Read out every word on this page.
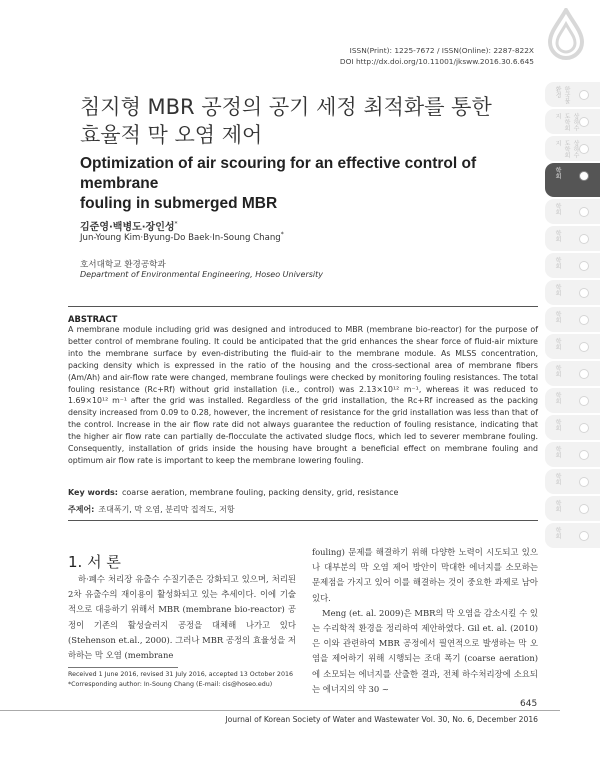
ISSN(Print): 1225-7672 / ISSN(Online): 2287-822X
DOI http://dx.doi.org/10.11001/jksww.2016.30.6.645
한국물환경
상하수도학회지
상하수도학회지
학회
학회
학회
학회
학회
학회
학회
학회
학회
학회
학회
학회
학회
학회
침지형 MBR 공정의 공기 세정 최적화를 통한
효율적 막 오염 제어
Optimization of air scouring for an effective control of membrane
fouling in submerged MBR
김준영·백병도·장인성*
Jun-Young Kim·Byung-Do Baek·In-Soung Chang*
호서대학교 환경공학과
Department of Environmental Engineering, Hoseo University
ABSTRACT

A membrane module including grid was designed and introduced to MBR (membrane bio-reactor) for the purpose of better control of membrane fouling. It could be anticipated that the grid enhances the shear force of fluid-air mixture into the membrane surface by even-distributing the fluid-air to the membrane module. As MLSS concentration, packing density which is expressed in the ratio of the housing and the cross-sectional area of membrane fibers (Am/Ah) and air-flow rate were changed, membrane foulings were checked by monitoring fouling resistances. The total fouling resistance (Rc+Rf) without grid installation (i.e., control) was 2.13×10¹² m⁻¹, whereas it was reduced to 1.69×10¹² m⁻¹ after the grid was installed. Regardless of the grid installation, the Rc+Rf increased as the packing density increased from 0.09 to 0.28, however, the increment of resistance for the grid installation was less than that of the control. Increase in the air flow rate did not always guarantee the reduction of fouling resistance, indicating that the higher air flow rate can partially de-flocculate the activated sludge flocs, which led to severer membrane fouling. Consequently, installation of grids inside the housing have brought a beneficial effect on membrane fouling and optimum air flow rate is important to keep the membrane lowering fouling.

Key words: coarse aeration, membrane fouling, packing density, grid, resistance
주제어: 조대폭기, 막 오염, 분리막 집적도, 저항
1. 서 론

하·폐수 처리장 유출수 수질기준은 강화되고 있으며, 처리된 2차 유출수의 재이용이 활성화되고 있는 추세이다. 이에 기술적으로 대응하기 위해서 MBR (membrane bio-reactor) 공정이 기존의 활성슬러지 공정을 대체해 나가고 있다 (Stehenson et.al., 2000). 그러나 MBR 공정의 효율성을 저하하는 막 오염 (membrane

fouling) 문제를 해결하기 위해 다양한 노력이 시도되고 있으나 대부분의 막 오염 제어 방안이 막대한 에너지를 소모하는 문제점을 가지고 있어 이를 해결하는 것이 중요한 과제로 남아있다.
Meng (et. al. 2009)은 MBR의 막 오염을 감소시킬 수 있는 수리학적 환경을 정리하여 제안하였다. Gil et. al. (2010)은 이와 관련하여 MBR 공정에서 필연적으로 발생하는 막 오염을 제어하기 위해 시행되는 조대 폭기 (coarse aeration)에 소모되는 에너지를 산출한 결과, 전체 하수처리장에 소요되는 에너지의 약 30 ~
Received 1 June 2016, revised 31 July 2016, accepted 13 October 2016
*Corresponding author: In-Soung Chang (E-mail: cis@hoseo.edu)
645
Journal of Korean Society of Water and Wastewater Vol. 30, No. 6, December 2016
